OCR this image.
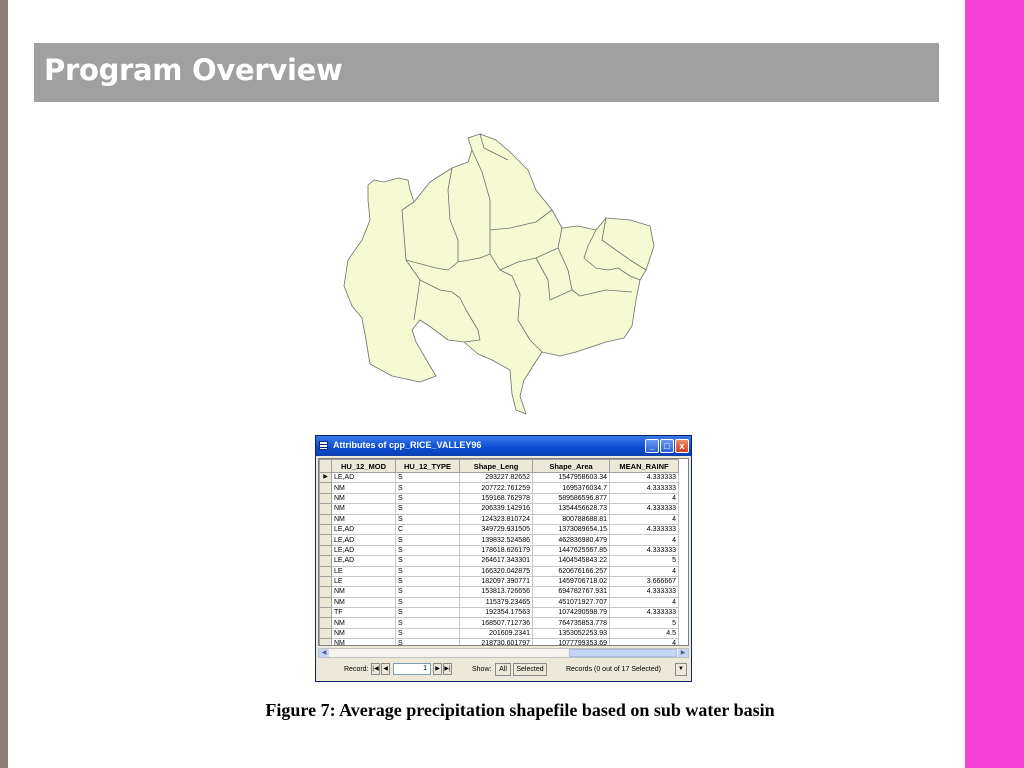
Program Overview
Attributes of cpp_RICE_VALLEY96	_	□	x
	HU_12_MOD	HU_12_TYPE	Shape_Leng	Shape_Area	MEAN_RAINF
▶	LE,AD	S	293227.82652	1547958603.34	4.333333
	NM	S	207722.761259	1695376034.7	4.333333
	NM	S	159168.762978	589586596.877	4
	NM	S	206339.142916	1354456628.73	4.333333
	NM	S	124323.810724	800788688.81	4
	LE,AD	C	349729.931505	1373089654.15	4.333333
	LE,AD	S	139832.524586	462836980.479	4
	LE,AD	S	178618.626179	1447625567.85	4.333333
	LE,AD	S	264617.343301	1404545843.22	5
	LE	S	166320.042875	620676166.257	4
	LE	S	182097.390771	1459706718.02	3.666667
	NM	S	153813.726656	694782767.931	4.333333
	NM	S	115379.23465	451071927.707	4
	TF	S	192354.17563	1074290598.79	4.333333
	NM	S	168507.712736	764735853.778	5
	NM	S	201609.2341	1353052253.93	4.5
	NM	S	218730.601797	1077799353.69	4
◀	▶
Record: |◀ ◀	1	▶ ▶|	Show:	All	Selected	Records (0 out of 17 Selected)	▼
Figure 7: Average precipitation shapefile based on sub water basin
